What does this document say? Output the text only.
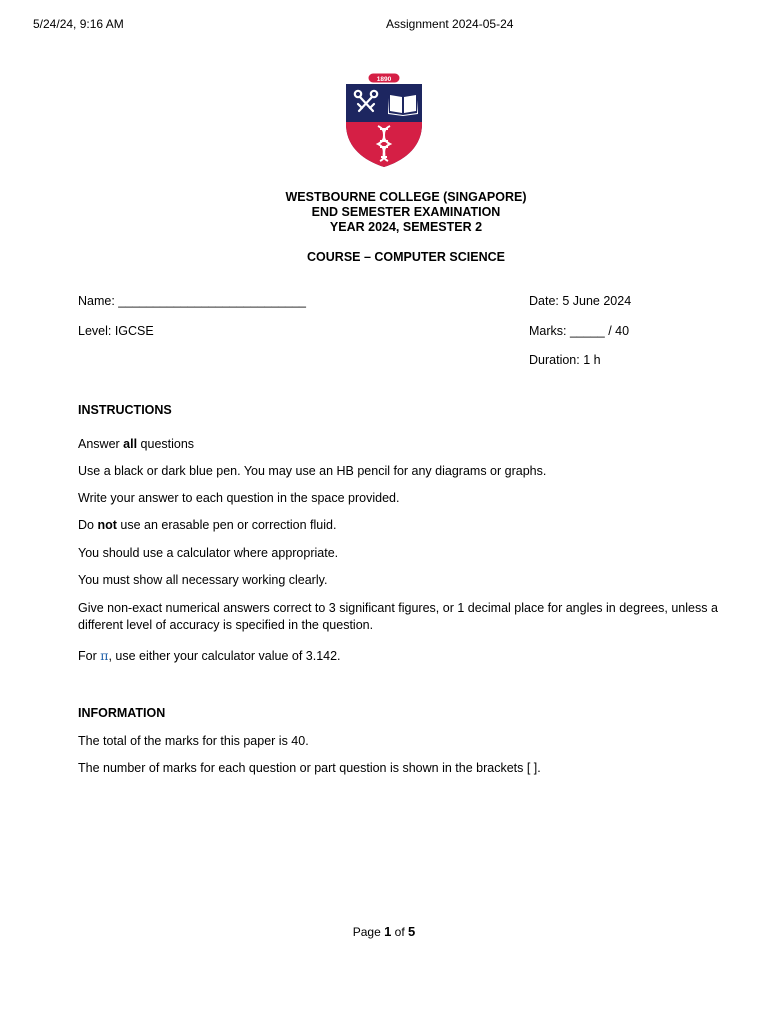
5/24/24, 9:16 AM	Assignment 2024-05-24
1890
WESTBOURNE COLLEGE (SINGAPORE)
END SEMESTER EXAMINATION
YEAR 2024, SEMESTER 2
COURSE – COMPUTER SCIENCE
Name: ___________________________
Level: IGCSE
Date: 5 June 2024
Marks: _____ / 40
Duration: 1 h
INSTRUCTIONS
Answer all questions
Use a black or dark blue pen. You may use an HB pencil for any diagrams or graphs.
Write your answer to each question in the space provided.
Do not use an erasable pen or correction fluid.
You should use a calculator where appropriate.
You must show all necessary working clearly.
Give non-exact numerical answers correct to 3 significant figures, or 1 decimal place for angles in degrees, unless a different level of accuracy is specified in the question.
For π, use either your calculator value of 3.142.
INFORMATION
The total of the marks for this paper is 40.
The number of marks for each question or part question is shown in the brackets [ ].
Page 1 of 5
